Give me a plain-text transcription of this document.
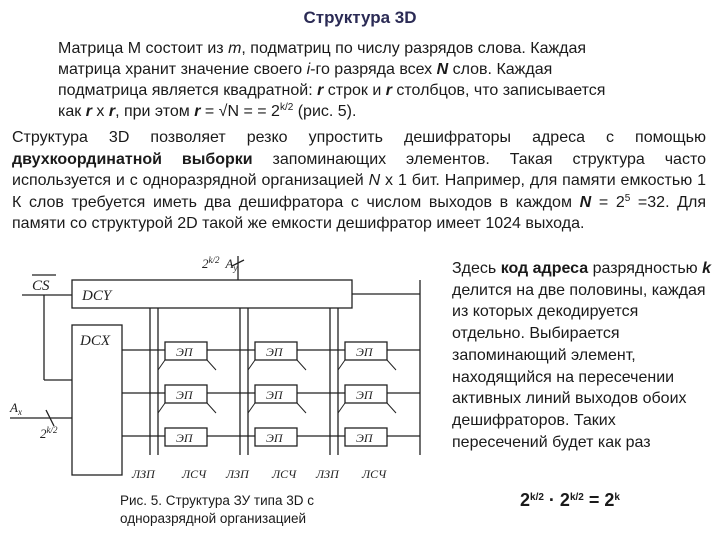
Структура 3D
Матрица М состоит из m, подматриц по числу разрядов слова. Каждая
матрица хранит значение своего i-го разряда всех N слов. Каждая
подматрица является квадратной: r строк и r столбцов, что записывается
как r x r, при этом r = √N = = $2^{k/2}$ (рис. 5).
Структура 3D позволяет резко упростить дешифраторы адреса с помощью двухкоординатной выборки запоминающих элементов. Такая структура часто используется и с одноразрядной организацией N х 1 бит. Например, для памяти емкостью 1 К слов требуется иметь два дешифратора с числом выходов в каждом $N = 2^5 =32$. Для памяти со структурой 2D такой же емкости дешифратор имеет 1024 выхода.
$2^{k/2}$ $A_y$
DCY
CS
DCX
$A_x$
$2^{k/2}$
ЭП	ЭП	ЭП
ЭП	ЭП	ЭП
ЭП	ЭП	ЭП
ЛЗП ЛСЧ ЛЗП ЛСЧ ЛЗП ЛСЧ
Здесь код адреса разрядностью k делится на две половины, каждая из которых декодируется отдельно. Выбирается запоминающий элемент, находящийся на пересечении активных линий выходов обоих дешифраторов. Таких пересечений будет как раз
Рис. 5. Структура ЗУ типа 3D с
одноразрядной организацией
$2^{k/2} \cdot 2^{k/2} = 2^k$
